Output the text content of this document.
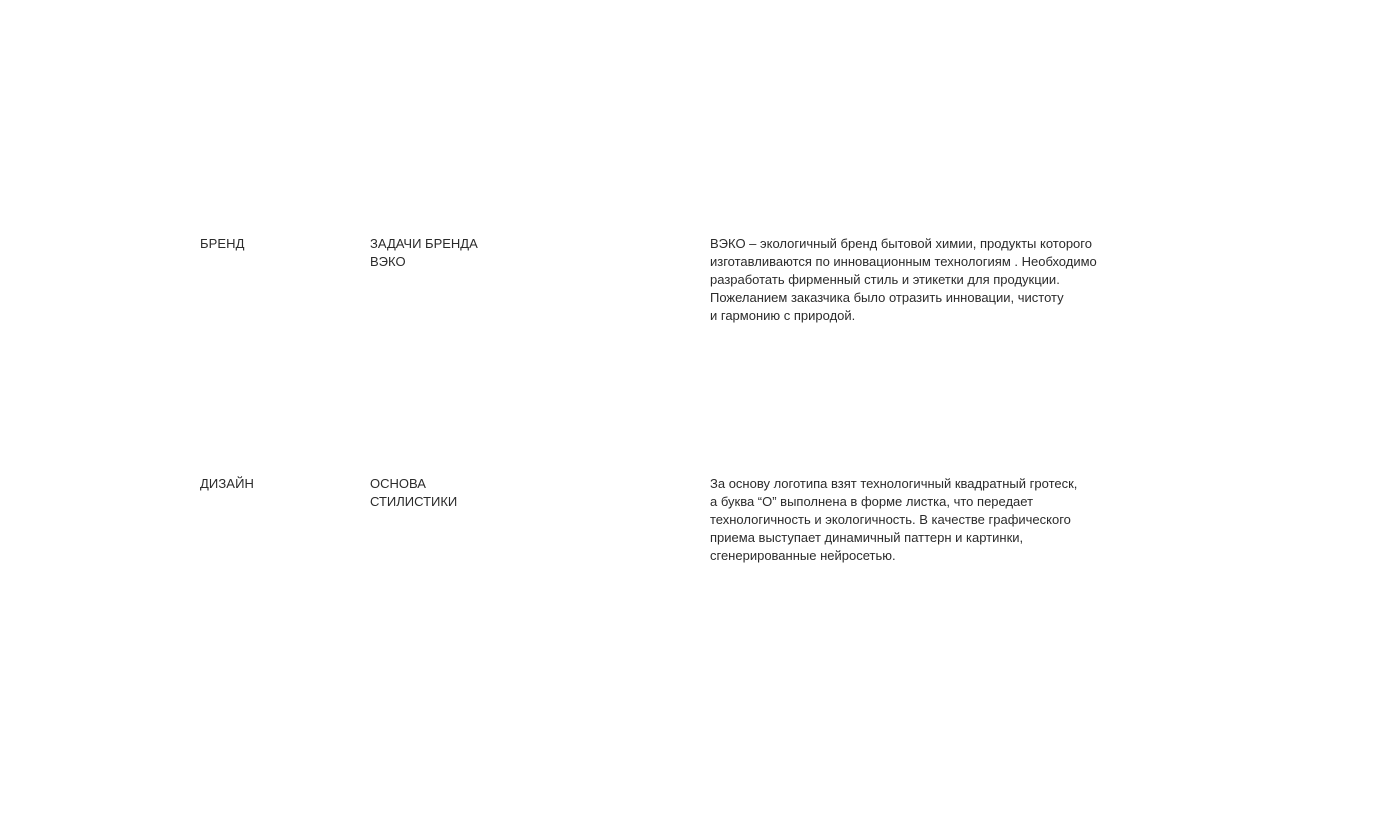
БРЕНД	ЗАДАЧИ БРЕНДА
ВЭКО
ВЭКО – экологичный бренд бытовой химии, продукты которого
изготавливаются по инновационным технологиям . Необходимо
разработать фирменный стиль и этикетки для продукции.
Пожеланием заказчика было отразить инновации, чистоту
и гармонию с природой.
ДИЗАЙН	ОСНОВА
СТИЛИСТИКИ
За основу логотипа взят технологичный квадратный гротеск,
а буква “О” выполнена в форме листка, что передает
технологичность и экологичность. В качестве графического
приема выступает динамичный паттерн и картинки,
сгенерированные нейросетью.
